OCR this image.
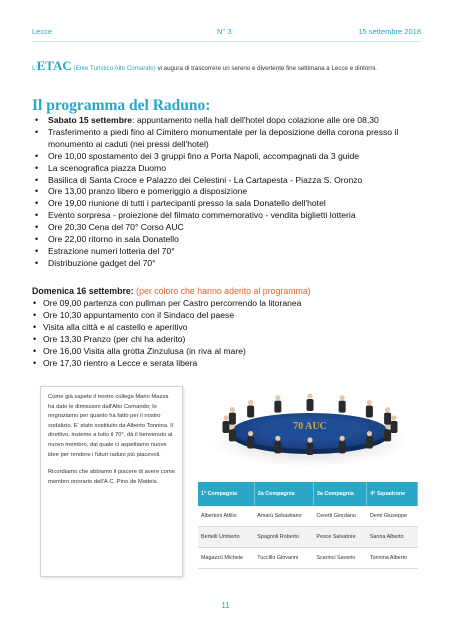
Lecce	N° 3	15 settembre 2018
L'ETAC (Ente Turistico Alto Comando) vi augura di trascorrere un sereno e divertente fine settimana a Lecce e dintorni.
Il programma del Raduno:
• Sabato 15 settembre: appuntamento nella hall dell'hotel dopo colazione alle ore 08,30
• Trasferimento a piedi fino al Cimitero monumentale per la deposizione della corona presso il monumento ai caduti (nei pressi dell'hotel)
• Ore 10,00 spostamento dei 3 gruppi fino a Porta Napoli, accompagnati da 3 guide
• La scenografica piazza Duomo
• Basilica di Santa Croce e Palazzo dei Celestini - La Cartapesta - Piazza S. Oronzo
• Ore 13,00 pranzo libero e pomeriggio a disposizione
• Ore 19,00 riunione di tutti i partecipanti presso la sala Donatello dell'hotel
• Evento sorpresa - proiezione del filmato commemorativo - vendita biglietti lotteria
• Ore 20,30 Cena del 70° Corso AUC
• Ore 22,00 ritorno in sala Donatello
• Estrazione numeri lotteria del 70°
• Distribuzione gadget del 70°
Domenica 16 settembre: (per coloro che hanno aderito al programma)
• Ore 09,00 partenza con pullman per Castro percorrendo la litoranea
• Ore 10,30 appuntamento con il Sindaco del paese
• Visita alla città e al castello e aperitivo
• Ore 13,30 Pranzo (per chi ha aderito)
• Ore 16,00 Visita alla grotta Zinzulusa (in riva al mare)
• Ore 17,30 rientro a Lecce e serata libera

Come già sapete il nostro collega Mario Mazza ha dato le dimissioni dall'Alto Comando; lo ringraziamo per quanto ha fatto per il nostro sodalizio. E' stato sostituito da Alberto Tonnina. Il direttivo, insieme a tutto il 70°, dà il benvenuto al nuovo membro, dal quale ci aspettiamo nuove idee per rendere i futuri raduni più piacevoli.

Ricordiamo che abbiamo il piacere di avere come membro onorario dell'A.C. Pino de Matteis.

70 AUC
1° Compagnia	2a Compagnia	3a Compagnia	4° Squadrone
Albertoni Attilio	Amarù Sebastiano	Ceretti Giordano	Demi Giuseppe
Bertelli Umberto	Spagnoli Roberto	Pesce Salvatore	Sanna Alberto
Magazzù Michele	Tuccillo Giovanni	Scarinci Saverio	Tonnina Alberto
11
